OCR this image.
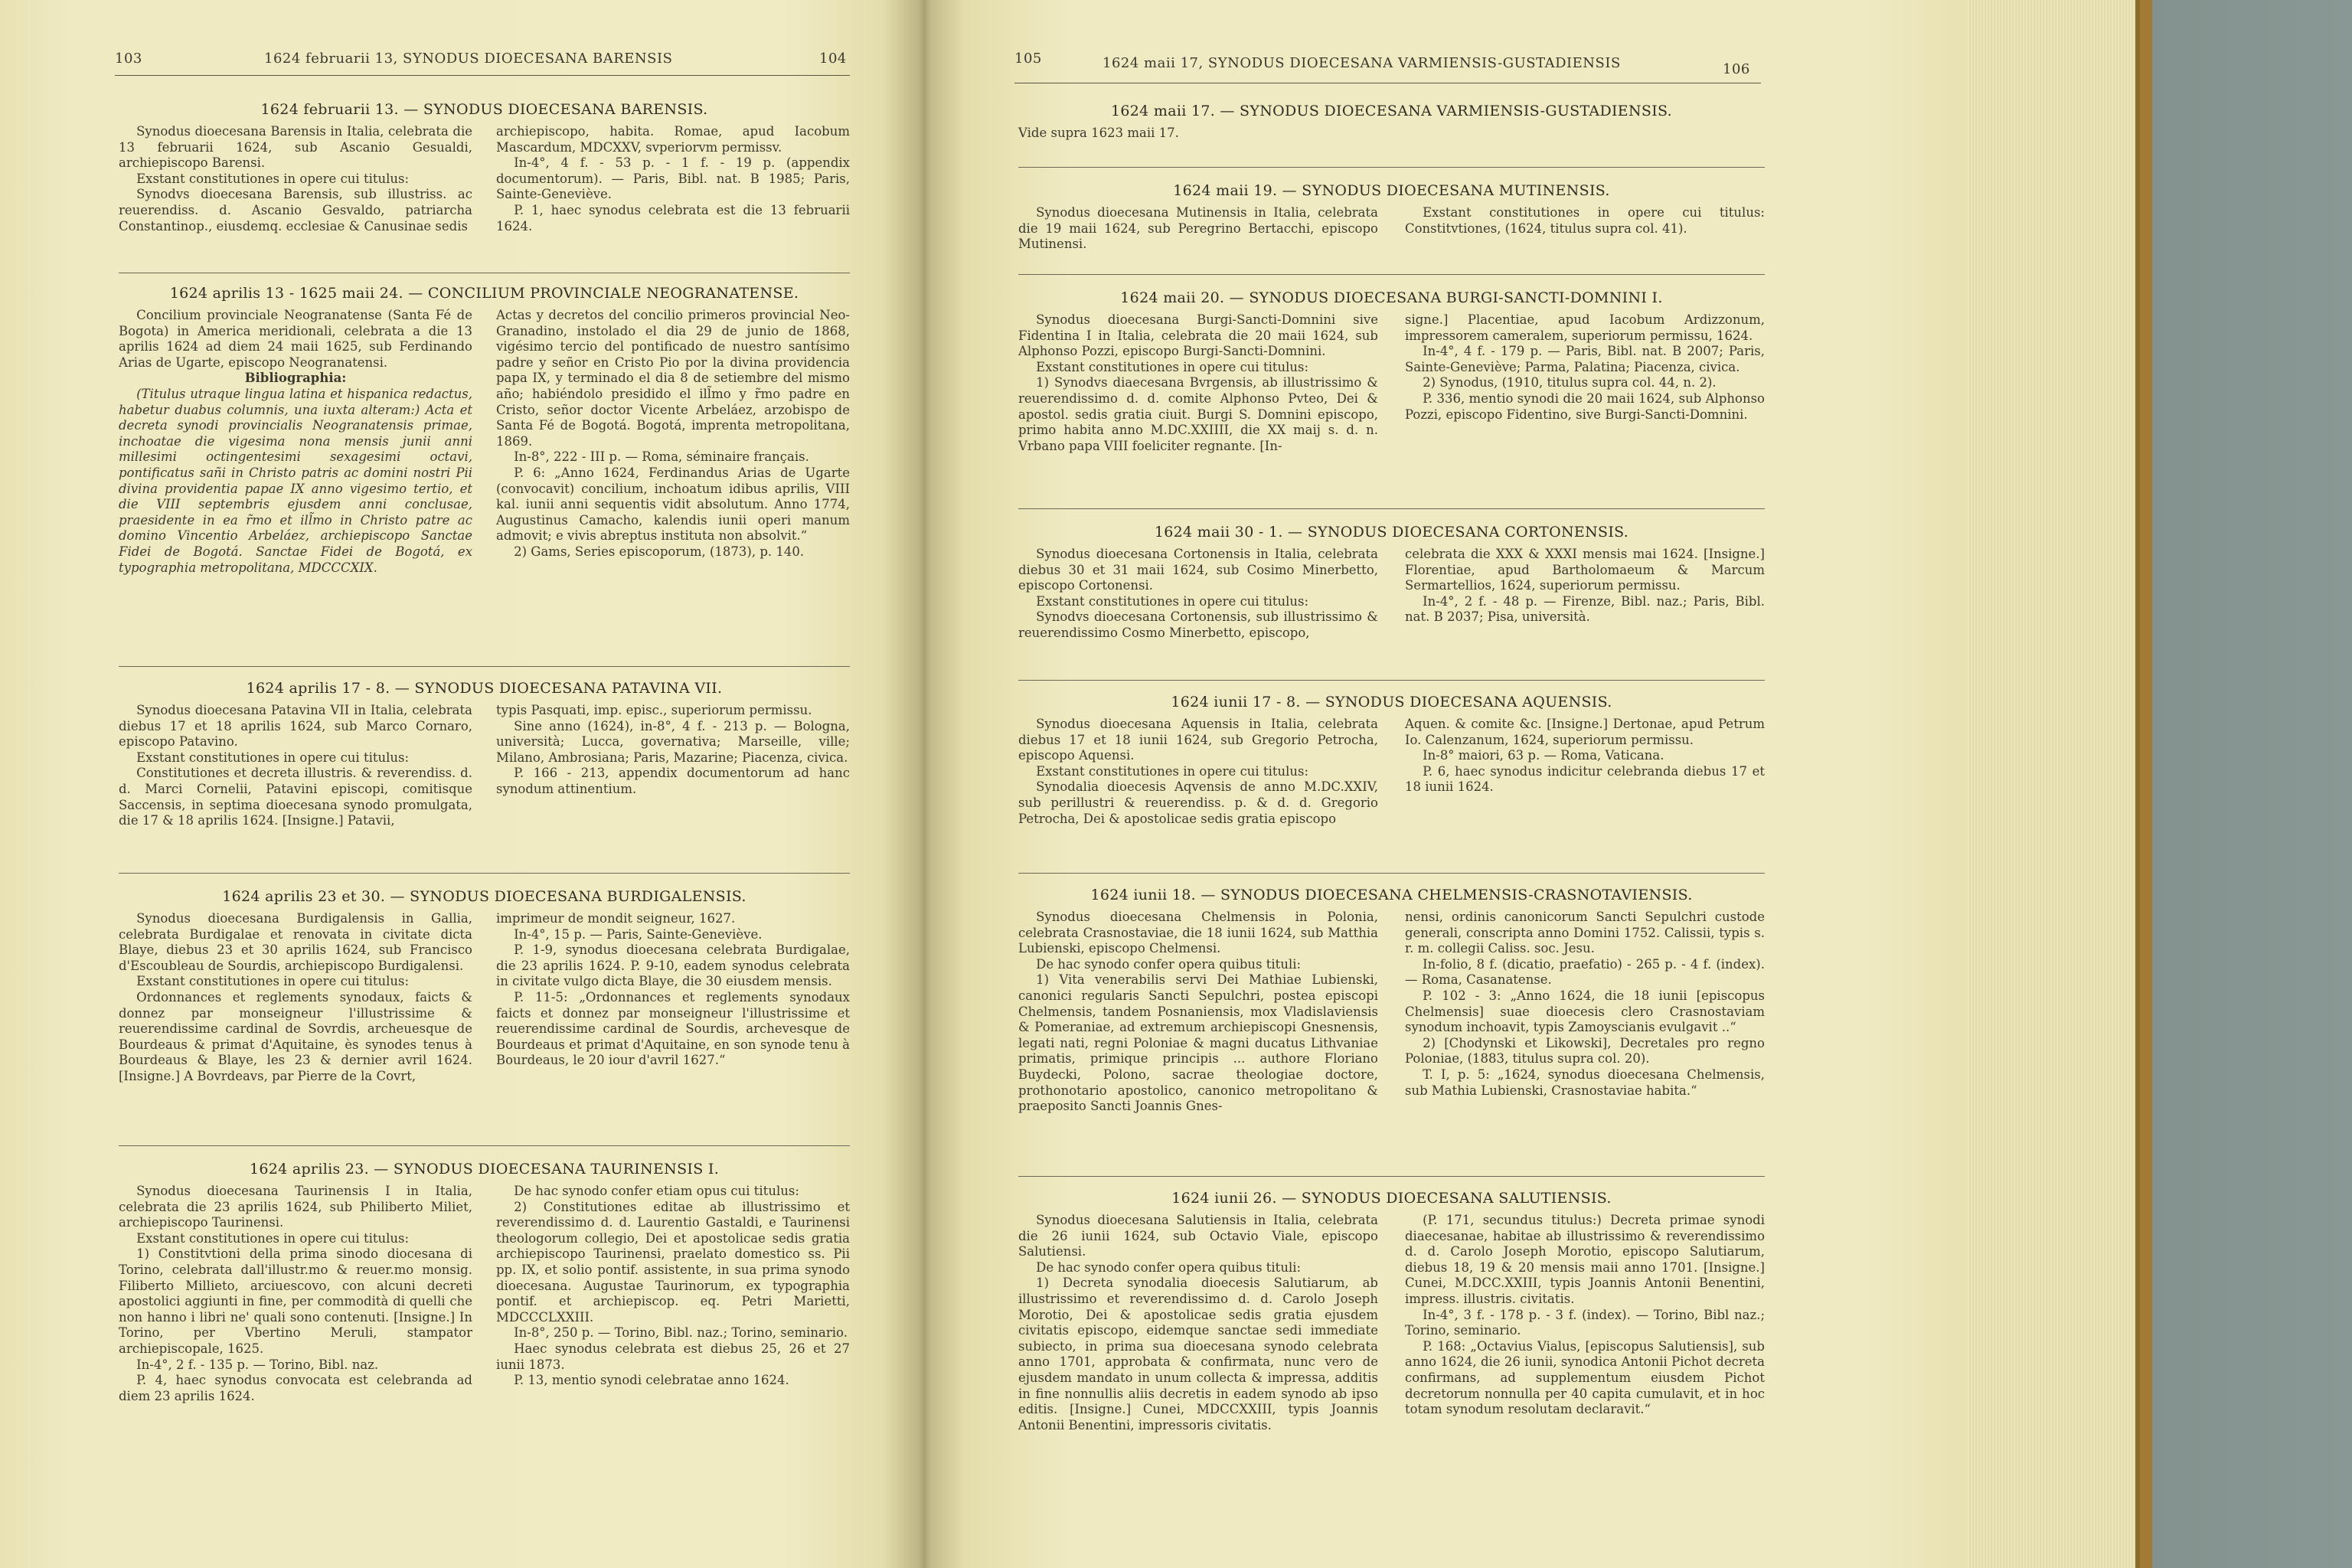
103	1624 februarii 13, SYNODUS DIOECESANA BARENSIS	104
1624 februarii 13. — SYNODUS DIOECESANA BARENSIS.

Synodus dioecesana Barensis in Italia, celebrata die 13 februarii 1624, sub Ascanio Gesualdi, archiepiscopo Barensi.

Exstant constitutiones in opere cui titulus:

Synodvs dioecesana Barensis, sub illustriss. ac reuerendiss. d. Ascanio Gesvaldo, patriarcha Constantinop., eiusdemq. ecclesiae & Canusinae sedis

archiepiscopo, habita. Romae, apud Iacobum Mascardum, MDCXXV, svperiorvm permissv.

In-4°, 4 f. - 53 p. - 1 f. - 19 p. (appendix documentorum). — Paris, Bibl. nat. B 1985; Paris, Sainte-Geneviève.

P. 1, haec synodus celebrata est die 13 februarii 1624.

1624 aprilis 13 - 1625 maii 24. — CONCILIUM PROVINCIALE NEOGRANATENSE.

Concilium provinciale Neogranatense (Santa Fé de Bogota) in America meridionali, celebrata a die 13 aprilis 1624 ad diem 24 maii 1625, sub Ferdinando Arias de Ugarte, episcopo Neogranatensi.

Bibliographia:

(Titulus utraque lingua latina et hispanica redactus, habetur duabus columnis, una iuxta alteram:) Acta et decreta synodi provincialis Neogranatensis primae, inchoatae die vigesima nona mensis junii anni millesimi octingentesimi sexagesimi octavi, pontificatus sañi in Christo patris ac domini nostri Pii divina providentia papae IX anno vigesimo tertio, et die VIII septembris ejusdem anni conclusae, praesidente in ea r̃mo et ill̃mo in Christo patre ac domino Vincentio Arbeláez, archiepiscopo Sanctae Fidei de Bogotá. Sanctae Fidei de Bogotá, ex typographia metropolitana, MDCCCXIX.

Actas y decretos del concilio primeros provincial Neo-Granadino, instolado el dia 29 de junio de 1868, vigésimo tercio del pontificado de nuestro santísimo padre y señor en Cristo Pio por la divina providencia papa IX, y terminado el dia 8 de setiembre del mismo año; habiéndolo presidido el ill̃mo y r̃mo padre en Cristo, señor doctor Vicente Arbeláez, arzobispo de Santa Fé de Bogotá. Bogotá, imprenta metropolitana, 1869.

In-8°, 222 - III p. — Roma, séminaire français.

P. 6: „Anno 1624, Ferdinandus Arias de Ugarte (convocavit) concilium, inchoatum idibus aprilis, VIII kal. iunii anni sequentis vidit absolutum. Anno 1774, Augustinus Camacho, kalendis iunii operi manum admovit; e vivis abreptus instituta non absolvit.“

2) Gams, Series episcoporum, (1873), p. 140.

1624 aprilis 17 - 8. — SYNODUS DIOECESANA PATAVINA VII.

Synodus dioecesana Patavina VII in Italia, celebrata diebus 17 et 18 aprilis 1624, sub Marco Cornaro, episcopo Patavino.

Exstant constitutiones in opere cui titulus:

Constitutiones et decreta illustris. & reverendiss. d. d. Marci Cornelii, Patavini episcopi, comitisque Saccensis, in septima dioecesana synodo promulgata, die 17 & 18 aprilis 1624. [Insigne.] Patavii,

typis Pasquati, imp. episc., superiorum permissu.

Sine anno (1624), in-8°, 4 f. - 213 p. — Bologna, università; Lucca, governativa; Marseille, ville; Milano, Ambrosiana; Paris, Mazarine; Piacenza, civica.

P. 166 - 213, appendix documentorum ad hanc synodum attinentium.

1624 aprilis 23 et 30. — SYNODUS DIOECESANA BURDIGALENSIS.

Synodus dioecesana Burdigalensis in Gallia, celebrata Burdigalae et renovata in civitate dicta Blaye, diebus 23 et 30 aprilis 1624, sub Francisco d'Escoubleau de Sourdis, archiepiscopo Burdigalensi.

Exstant constitutiones in opere cui titulus:

Ordonnances et reglements synodaux, faicts & donnez par monseigneur l'illustrissime & reuerendissime cardinal de Sovrdis, archeuesque de Bourdeaus & primat d'Aquitaine, ès synodes tenus à Bourdeaus & Blaye, les 23 & dernier avril 1624. [Insigne.] A Bovrdeavs, par Pierre de la Covrt,

imprimeur de mondit seigneur, 1627.

In-4°, 15 p. — Paris, Sainte-Geneviève.

P. 1-9, synodus dioecesana celebrata Burdigalae, die 23 aprilis 1624. P. 9-10, eadem synodus celebrata in civitate vulgo dicta Blaye, die 30 eiusdem mensis.

P. 11-5: „Ordonnances et reglements synodaux faicts et donnez par monseigneur l'illustrissime et reuerendissime cardinal de Sourdis, archevesque de Bourdeaus et primat d'Aquitaine, en son synode tenu à Bourdeaus, le 20 iour d'avril 1627.“

1624 aprilis 23. — SYNODUS DIOECESANA TAURINENSIS I.

Synodus dioecesana Taurinensis I in Italia, celebrata die 23 aprilis 1624, sub Philiberto Miliet, archiepiscopo Taurinensi.

Exstant constitutiones in opere cui titulus:

1) Constitvtioni della prima sinodo diocesana di Torino, celebrata dall'illustr.mo & reuer.mo monsig. Filiberto Millieto, arciuescovo, con alcuni decreti apostolici aggiunti in fine, per commodità di quelli che non hanno i libri ne' quali sono contenuti. [Insigne.] In Torino, per Vbertino Meruli, stampator archiepiscopale, 1625.

In-4°, 2 f. - 135 p. — Torino, Bibl. naz.

P. 4, haec synodus convocata est celebranda ad diem 23 aprilis 1624.

De hac synodo confer etiam opus cui titulus:

2) Constitutiones editae ab illustrissimo et reverendissimo d. d. Laurentio Gastaldi, e Taurinensi theologorum collegio, Dei et apostolicae sedis gratia archiepiscopo Taurinensi, praelato domestico ss. Pii pp. IX, et solio pontif. assistente, in sua prima synodo dioecesana. Augustae Taurinorum, ex typographia pontif. et archiepiscop. eq. Petri Marietti, MDCCCLXXIII.

In-8°, 250 p. — Torino, Bibl. naz.; Torino, seminario.

Haec synodus celebrata est diebus 25, 26 et 27 iunii 1873.

P. 13, mentio synodi celebratae anno 1624.

105	1624 maii 17, SYNODUS DIOECESANA VARMIENSIS-GUSTADIENSIS	106
1624 maii 17. — SYNODUS DIOECESANA VARMIENSIS-GUSTADIENSIS.

Vide supra 1623 maii 17.

1624 maii 19. — SYNODUS DIOECESANA MUTINENSIS.

Synodus dioecesana Mutinensis in Italia, celebrata die 19 maii 1624, sub Peregrino Bertacchi, episcopo Mutinensi.

Exstant constitutiones in opere cui titulus: Constitvtiones, (1624, titulus supra col. 41).

1624 maii 20. — SYNODUS DIOECESANA BURGI-SANCTI-DOMNINI I.

Synodus dioecesana Burgi-Sancti-Domnini sive Fidentina I in Italia, celebrata die 20 maii 1624, sub Alphonso Pozzi, episcopo Burgi-Sancti-Domnini.

Exstant constitutiones in opere cui titulus:

1) Synodvs diaecesana Bvrgensis, ab illustrissimo & reuerendissimo d. d. comite Alphonso Pvteo, Dei & apostol. sedis gratia ciuit. Burgi S. Domnini episcopo, primo habita anno M.DC.XXIIII, die XX maij s. d. n. Vrbano papa VIII foeliciter regnante. [In-

signe.] Placentiae, apud Iacobum Ardizzonum, impressorem cameralem, superiorum permissu, 1624.

In-4°, 4 f. - 179 p. — Paris, Bibl. nat. B 2007; Paris, Sainte-Geneviève; Parma, Palatina; Piacenza, civica.

2) Synodus, (1910, titulus supra col. 44, n. 2).

P. 336, mentio synodi die 20 maii 1624, sub Alphonso Pozzi, episcopo Fidentino, sive Burgi-Sancti-Domnini.

1624 maii 30 - 1. — SYNODUS DIOECESANA CORTONENSIS.

Synodus dioecesana Cortonensis in Italia, celebrata diebus 30 et 31 maii 1624, sub Cosimo Minerbetto, episcopo Cortonensi.

Exstant constitutiones in opere cui titulus:

Synodvs dioecesana Cortonensis, sub illustrissimo & reuerendissimo Cosmo Minerbetto, episcopo,

celebrata die XXX & XXXI mensis mai 1624. [Insigne.] Florentiae, apud Bartholomaeum & Marcum Sermartellios, 1624, superiorum permissu.

In-4°, 2 f. - 48 p. — Firenze, Bibl. naz.; Paris, Bibl. nat. B 2037; Pisa, università.

1624 iunii 17 - 8. — SYNODUS DIOECESANA AQUENSIS.

Synodus dioecesana Aquensis in Italia, celebrata diebus 17 et 18 iunii 1624, sub Gregorio Petrocha, episcopo Aquensi.

Exstant constitutiones in opere cui titulus:

Synodalia dioecesis Aqvensis de anno M.DC.XXIV, sub perillustri & reuerendiss. p. & d. d. Gregorio Petrocha, Dei & apostolicae sedis gratia episcopo

Aquen. & comite &c. [Insigne.] Dertonae, apud Petrum Io. Calenzanum, 1624, superiorum permissu.

In-8° maiori, 63 p. — Roma, Vaticana.

P. 6, haec synodus indicitur celebranda diebus 17 et 18 iunii 1624.

1624 iunii 18. — SYNODUS DIOECESANA CHELMENSIS-CRASNOTAVIENSIS.

Synodus dioecesana Chelmensis in Polonia, celebrata Crasnostaviae, die 18 iunii 1624, sub Matthia Lubienski, episcopo Chelmensi.

De hac synodo confer opera quibus tituli:

1) Vita venerabilis servi Dei Mathiae Lubienski, canonici regularis Sancti Sepulchri, postea episcopi Chelmensis, tandem Posnaniensis, mox Vladislaviensis & Pomeraniae, ad extremum archiepiscopi Gnesnensis, legati nati, regni Poloniae & magni ducatus Lithvaniae primatis, primique principis ... authore Floriano Buydecki, Polono, sacrae theologiae doctore, prothonotario apostolico, canonico metropolitano & praeposito Sancti Joannis Gnes-

nensi, ordinis canonicorum Sancti Sepulchri custode generali, conscripta anno Domini 1752. Calissii, typis s. r. m. collegii Caliss. soc. Jesu.

In-folio, 8 f. (dicatio, praefatio) - 265 p. - 4 f. (index). — Roma, Casanatense.

P. 102 - 3: „Anno 1624, die 18 iunii [episcopus Chelmensis] suae dioecesis clero Crasnostaviam synodum inchoavit, typis Zamoyscianis evulgavit ..“

2) [Chodynski et Likowski], Decretales pro regno Poloniae, (1883, titulus supra col. 20).

T. I, p. 5: „1624, synodus dioecesana Chelmensis, sub Mathia Lubienski, Crasnostaviae habita.“

1624 iunii 26. — SYNODUS DIOECESANA SALUTIENSIS.

Synodus dioecesana Salutiensis in Italia, celebrata die 26 iunii 1624, sub Octavio Viale, episcopo Salutiensi.

De hac synodo confer opera quibus tituli:

1) Decreta synodalia dioecesis Salutiarum, ab illustrissimo et reverendissimo d. d. Carolo Joseph Morotio, Dei & apostolicae sedis gratia ejusdem civitatis episcopo, eidemque sanctae sedi immediate subiecto, in prima sua dioecesana synodo celebrata anno 1701, approbata & confirmata, nunc vero de ejusdem mandato in unum collecta & impressa, additis in fine nonnullis aliis decretis in eadem synodo ab ipso editis. [Insigne.] Cunei, MDCCXXIII, typis Joannis Antonii Benentini, impressoris civitatis.

(P. 171, secundus titulus:) Decreta primae synodi diaecesanae, habitae ab illustrissimo & reverendissimo d. d. Carolo Joseph Morotio, episcopo Salutiarum, diebus 18, 19 & 20 mensis maii anno 1701. [Insigne.] Cunei, M.DCC.XXIII, typis Joannis Antonii Benentini, impress. illustris. civitatis.

In-4°, 3 f. - 178 p. - 3 f. (index). — Torino, Bibl naz.; Torino, seminario.

P. 168: „Octavius Vialus, [episcopus Salutiensis], sub anno 1624, die 26 iunii, synodica Antonii Pichot decreta confirmans, ad supplementum eiusdem Pichot decretorum nonnulla per 40 capita cumulavit, et in hoc totam synodum resolutam declaravit.“
